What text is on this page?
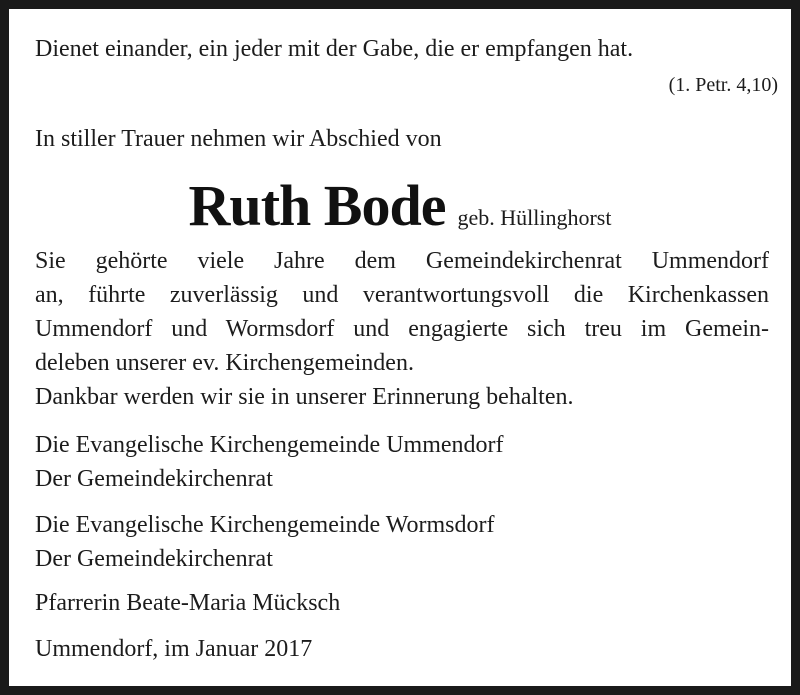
Dienet einander, ein jeder mit der Gabe, die er empfangen hat.
(1. Petr. 4,10)
In stiller Trauer nehmen wir Abschied von
Ruth Bode geb. Hüllinghorst
Sie gehörte viele Jahre dem Gemeindekirchenrat Ummendorf
an, führte zuverlässig und verantwortungsvoll die Kirchenkassen
Ummendorf und Wormsdorf und engagierte sich treu im Gemein-
deleben unserer ev. Kirchengemeinden.
Dankbar werden wir sie in unserer Erinnerung behalten.
Die Evangelische Kirchengemeinde Ummendorf
Der Gemeindekirchenrat
Die Evangelische Kirchengemeinde Wormsdorf
Der Gemeindekirchenrat
Pfarrerin Beate-Maria Mücksch
Ummendorf, im Januar 2017
